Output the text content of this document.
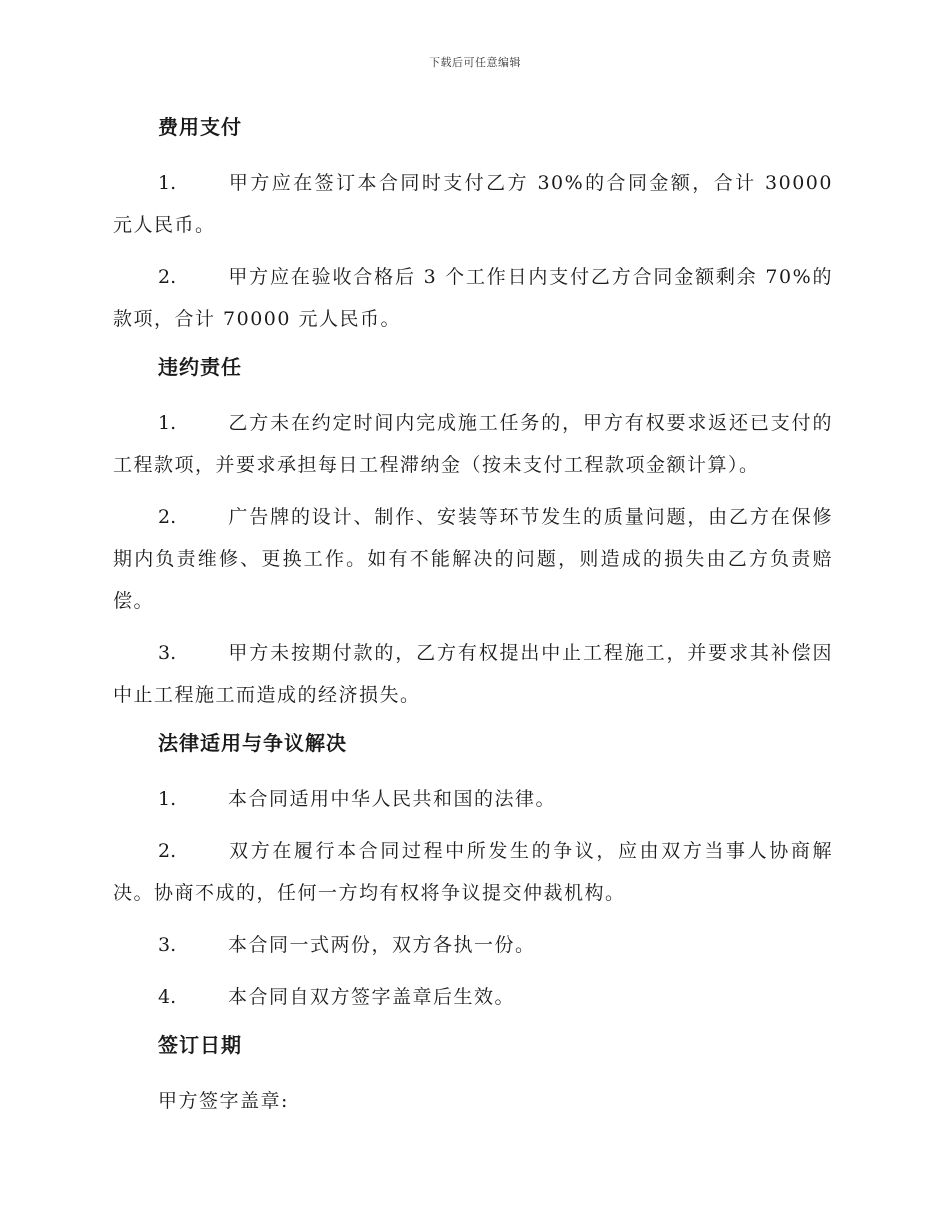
下载后可任意编辑
费用支付

1.	甲方应在签订本合同时支付乙方 30%的合同金额，合计 30000 元人民币。

2.	甲方应在验收合格后 3 个工作日内支付乙方合同金额剩余 70%的款项，合计 70000 元人民币。

违约责任

1.	乙方未在约定时间内完成施工任务的，甲方有权要求返还已支付的工程款项，并要求承担每日工程滞纳金（按未支付工程款项金额计算）。

2.	广告牌的设计、制作、安装等环节发生的质量问题，由乙方在保修期内负责维修、更换工作。如有不能解决的问题，则造成的损失由乙方负责赔偿。

3.	甲方未按期付款的，乙方有权提出中止工程施工，并要求其补偿因中止工程施工而造成的经济损失。

法律适用与争议解决

1.	本合同适用中华人民共和国的法律。

2.	双方在履行本合同过程中所发生的争议，应由双方当事人协商解决。协商不成的，任何一方均有权将争议提交仲裁机构。

3.	本合同一式两份，双方各执一份。

4.	本合同自双方签字盖章后生效。

签订日期

甲方签字盖章:
